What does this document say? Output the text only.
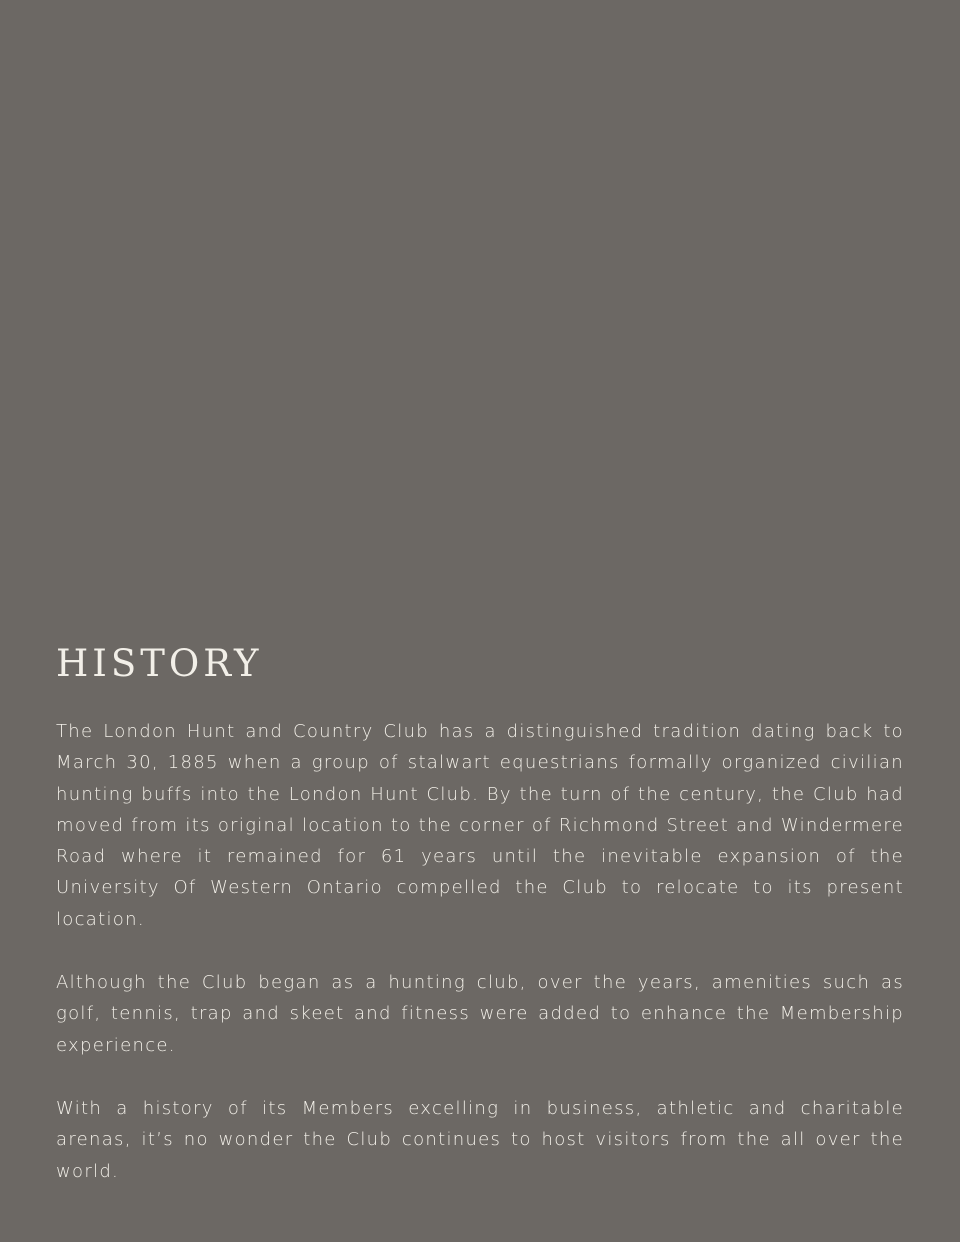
HISTORY

The London Hunt and Country Club has a distinguished tradition dating back to March 30, 1885 when a group of stalwart equestrians formally organized civilian hunting buffs into the London Hunt Club. By the turn of the century, the Club had moved from its original location to the corner of Richmond Street and Windermere Road where it remained for 61 years until the inevitable expansion of the University Of Western Ontario compelled the Club to relocate to its present location.

Although the Club began as a hunting club, over the years, amenities such as golf, tennis, trap and skeet and fitness were added to enhance the Membership experience.

With a history of its Members excelling in business, athletic and charitable arenas, it’s no wonder the Club continues to host visitors from the all over the world.
